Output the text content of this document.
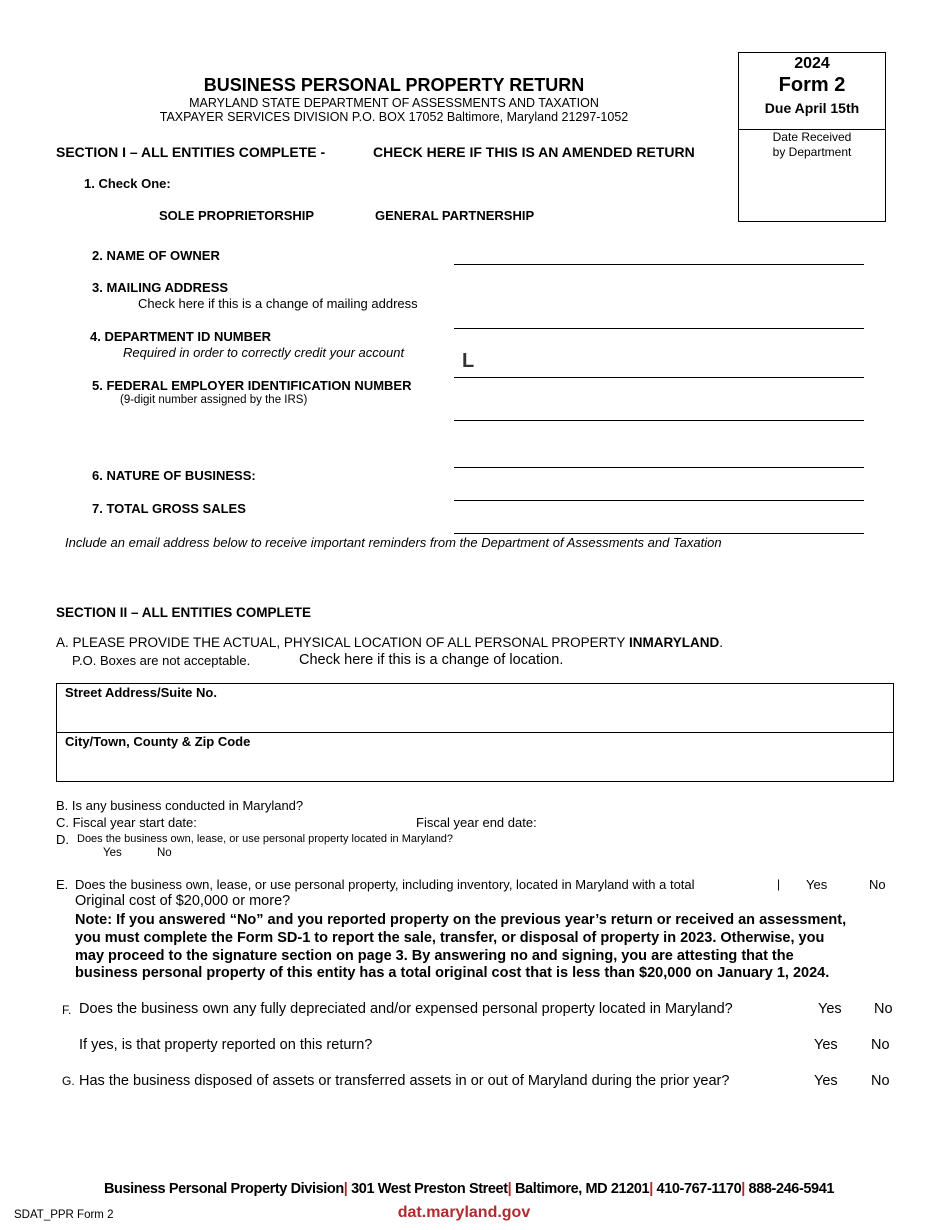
BUSINESS PERSONAL PROPERTY RETURN
MARYLAND STATE DEPARTMENT OF ASSESSMENTS AND TAXATION
TAXPAYER SERVICES DIVISION P.O. BOX 17052 Baltimore, Maryland 21297-1052
2024
Form 2
Due April 15th
Date Received
by Department
SECTION I – ALL ENTITIES COMPLETE -	CHECK HERE IF THIS IS AN AMENDED RETURN
1. Check One:
SOLE PROPRIETORSHIP	GENERAL PARTNERSHIP
2. NAME OF OWNER
3. MAILING ADDRESS
Check here if this is a change of mailing address
4. DEPARTMENT ID NUMBER
Required in order to correctly credit your account	L
5. FEDERAL EMPLOYER IDENTIFICATION NUMBER
(9-digit number assigned by the IRS)
6. NATURE OF BUSINESS:
7. TOTAL GROSS SALES
Include an email address below to receive important reminders from the Department of Assessments and Taxation
SECTION II – ALL ENTITIES COMPLETE
A. PLEASE PROVIDE THE ACTUAL, PHYSICAL LOCATION OF ALL PERSONAL PROPERTY INMARYLAND.
P.O. Boxes are not acceptable.	Check here if this is a change of location.
Street Address/Suite No.
City/Town, County & Zip Code
B. Is any business conducted in Maryland?
C. Fiscal year start date:	Fiscal year end date:
D. Does the business own, lease, or use personal property located in Maryland?
Yes	No
E. Does the business own, lease, or use personal property, including inventory, located in Maryland with a total	| Yes	No
Original cost of $20,000 or more?
Note: If you answered “No” and you reported property on the previous year’s return or received an assessment,
you must complete the Form SD-1 to report the sale, transfer, or disposal of property in 2023. Otherwise, you
may proceed to the signature section on page 3. By answering no and signing, you are attesting that the
business personal property of this entity has a total original cost that is less than $20,000 on January 1, 2024.
F. Does the business own any fully depreciated and/or expensed personal property located in Maryland?	Yes No
If yes, is that property reported on this return?	Yes No
G. Has the business disposed of assets or transferred assets in or out of Maryland during the prior year?	Yes No
Business Personal Property Division| 301 West Preston Street| Baltimore, MD 21201| 410-767-1170| 888-246-5941
dat.maryland.gov
SDAT_PPR Form 2
